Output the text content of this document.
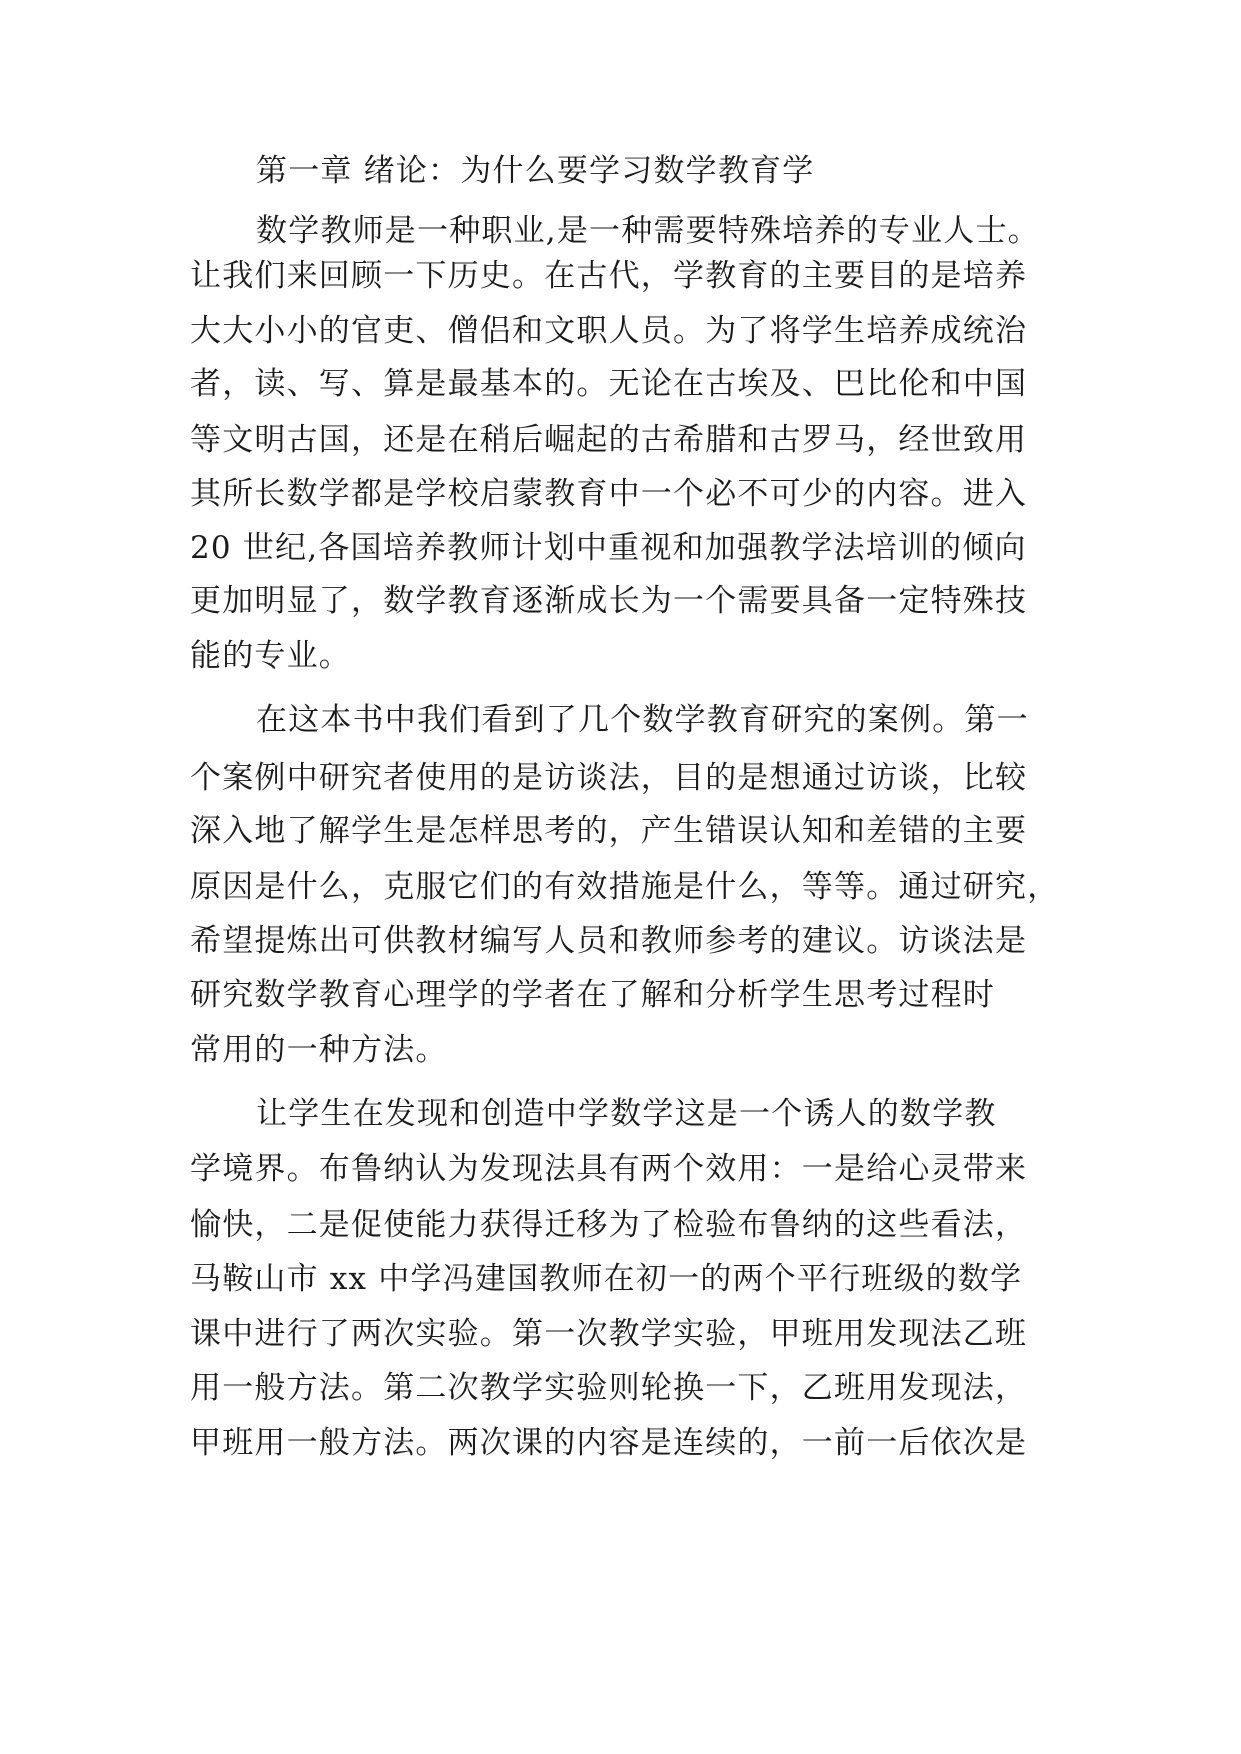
第一章 绪论：为什么要学习数学教育学
数学教师是一种职业,是一种需要特殊培养的专业人士。
让我们来回顾一下历史。在古代，学教育的主要目的是培养
大大小小的官吏、僧侣和文职人员。为了将学生培养成统治
者，读、写、算是最基本的。无论在古埃及、巴比伦和中国
等文明古国，还是在稍后崛起的古希腊和古罗马，经世致用
其所长数学都是学校启蒙教育中一个必不可少的内容。进入
20 世纪,各国培养教师计划中重视和加强教学法培训的倾向
更加明显了，数学教育逐渐成长为一个需要具备一定特殊技
能的专业。
在这本书中我们看到了几个数学教育研究的案例。第一
个案例中研究者使用的是访谈法，目的是想通过访谈，比较
深入地了解学生是怎样思考的，产生错误认知和差错的主要
原因是什么，克服它们的有效措施是什么，等等。通过研究，
希望提炼出可供教材编写人员和教师参考的建议。访谈法是
研究数学教育心理学的学者在了解和分析学生思考过程时
常用的一种方法。
让学生在发现和创造中学数学这是一个诱人的数学教
学境界。布鲁纳认为发现法具有两个效用：一是给心灵带来
愉快，二是促使能力获得迁移为了检验布鲁纳的这些看法，
马鞍山市 xx 中学冯建国教师在初一的两个平行班级的数学
课中进行了两次实验。第一次教学实验，甲班用发现法乙班
用一般方法。第二次教学实验则轮换一下，乙班用发现法，
甲班用一般方法。两次课的内容是连续的，一前一后依次是
